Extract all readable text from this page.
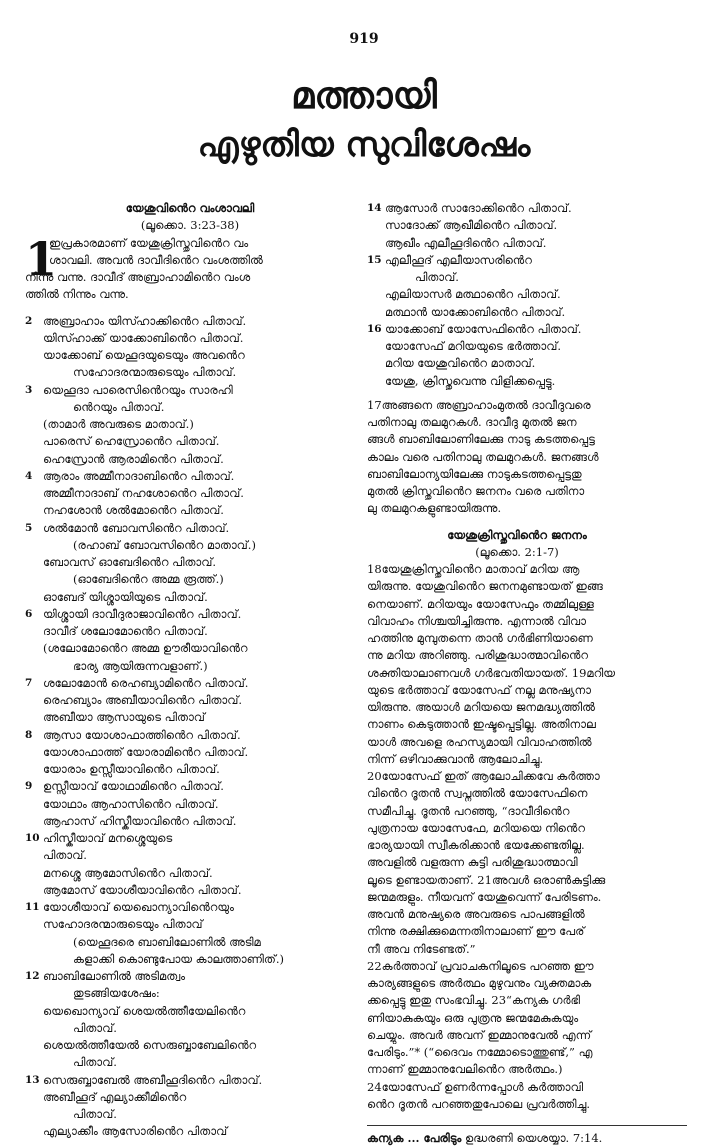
919
മത്തായി
എഴുതിയ സുവിശേഷം
യേശുവിൻെറ വംശാവലി
(ലൂക്കൊ. 3:23-38)
1
ഇപ്രകാരമാണ് യേശുക്രിസ്തുവിൻെറ വം
ശാവലി. അവൻ ദാവീദിൻെറ വംശത്തിൽ
നിന്നു വന്നു. ദാവീദ് അബ്രാഹാമിൻെറ വംശ
ത്തിൽ നിന്നും വന്നു.
2 അബ്രാഹാം യിസ്ഹാക്കിൻെറ പിതാവ്.
യിസ്ഹാക്ക് യാക്കോബിൻെറ പിതാവ്.
യാക്കോബ് യെഹൂദയുടെയും അവൻെറ
സഹോദരന്മാരുടെയും പിതാവ്.
3 യെഹൂദാ പാരെസിൻെറയും സാരഹി
ൻെറയും പിതാവ്.
(താമാർ അവരുടെ മാതാവ്.)
പാരെസ് ഹെസ്രോൻെറ പിതാവ്.
ഹെസ്രോൻ ആരാമിൻെറ പിതാവ്.
4 ആരാം അമ്മീനാദാബിൻെറ പിതാവ്.
അമ്മീനാദാബ് നഹശോൻെറ പിതാവ്.
നഹശോൻ ശൽമോൻെറ പിതാവ്.
5 ശൽമോൻ ബോവസിൻെറ പിതാവ്.
(രഹാബ് ബോവസിൻെറ മാതാവ്.)
ബോവസ് ഓബേദിൻെറ പിതാവ്.
(ഓബേദിൻെറ അമ്മ രൂത്ത്.)
ഓബേദ് യിശ്ശായിയുടെ പിതാവ്.
6 യിശ്ശായി ദാവീദുരാജാവിൻെറ പിതാവ്.
ദാവീദ് ശലോമോൻെറ പിതാവ്.
(ശലോമോൻെറ അമ്മ ഊരീയാവിൻെറ
ഭാര്യ ആയിരുന്നവളാണ്.)
7 ശലോമോൻ രെഹബ്യാമിൻെറ പിതാവ്.
രെഹബ്യാം അബീയാവിൻെറ പിതാവ്.
അബീയാ ആസായുടെ പിതാവ്
8 ആസാ യോശാഫാത്തിൻെറ പിതാവ്.
യോശാഫാത്ത് യോരാമിൻെറ പിതാവ്.
യോരാം ഉസ്സീയാവിൻെറ പിതാവ്.
9 ഉസ്സീയാവ് യോഥാമിൻെറ പിതാവ്.
യോഥാം ആഹാസിൻെറ പിതാവ്.
ആഹാസ് ഹിസ്കീയാവിൻെറ പിതാവ്.
10 ഹിസ്കീയാവ് മനശ്ശെയുടെ
പിതാവ്.
മനശ്ശെ ആമോസിൻെറ പിതാവ്.
ആമോസ് യോശീയാവിൻെറ പിതാവ്.
11 യോശീയാവ് യെഖൊന്യാവിൻെറയും
സഹോദരന്മാരുടെയും പിതാവ്
(യെഹൂദരെ ബാബിലോണിൽ അടിമ
കളാക്കി കൊണ്ടുപോയ കാലത്താണിത്.)
12 ബാബിലോണിൽ അടിമത്വം
തുടങ്ങിയശേഷം:
യെഖൊന്യാവ് ശെയൽത്തീയേലിൻെറ
പിതാവ്.
ശെയൽത്തീയേൽ സെരുബ്ബാബേലിൻെറ
പിതാവ്.
13 സെരുബ്ബാബേൽ അബീഹൂദിൻെറ പിതാവ്.
അബീഹൂദ് എല്യാക്കീമിൻെറ
പിതാവ്.
എല്യാക്കീം ആസോരിൻെറ പിതാവ്
14 ആസോർ സാദോക്കിൻെറ പിതാവ്.
സാദോക്ക് ആഖീമിൻെറ പിതാവ്.
ആഖീം എലീഹൂദിൻെറ പിതാവ്.
15 എലീഹൂദ് എലീയാസരിൻെറ
പിതാവ്.
എലിയാസർ മത്ഥാൻെറ പിതാവ്.
മത്ഥാൻ യാക്കോബിൻെറ പിതാവ്.
16 യാക്കോബ് യോസേഫിൻെറ പിതാവ്.
യോസേഫ് മറിയയുടെ ഭർത്താവ്.
മറിയ യേശുവിൻെറ മാതാവ്.
യേശു, ക്രിസ്തുവെന്നു വിളിക്കപ്പെട്ടു.
17അങ്ങനെ അബ്രാഹാംമുതൽ ദാവീദുവരെ
പതിനാലു തലമുറകൾ. ദാവീദു മുതൽ ജന
ങ്ങൾ ബാബിലോണിലേക്കു നാടു കടത്തപ്പെട്ട
കാലം വരെ പതിനാലു തലമുറകൾ. ജനങ്ങൾ
ബാബിലോന്യയിലേക്കു നാടുകടത്തപ്പെട്ടതു
മുതൽ ക്രിസ്തുവിൻെറ ജനനം വരെ പതിനാ
ലു തലമുറകളുണ്ടായിരുന്നു.
യേശുക്രിസ്തുവിൻെറ ജനനം
(ലൂക്കൊ. 2:1-7)
18യേശുക്രിസ്തുവിൻെറ മാതാവ് മറിയ ആ
യിരുന്നു. യേശുവിൻെറ ജനനമുണ്ടായത് ഇങ്ങ
നെയാണ്. മറിയയും യോസേഫും തമ്മിലുള്ള
വിവാഹം നിശ്ചയിച്ചിരുന്നു. എന്നാൽ വിവാ
ഹത്തിനു മുമ്പുതന്നെ താൻ ഗർഭിണിയാണെ
ന്നു മറിയ അറിഞ്ഞു. പരിശുദ്ധാത്മാവിൻെറ
ശക്തിയാലാണവൾ ഗർഭവതിയായത്. 19മറിയ
യുടെ ഭർത്താവ് യോസേഫ് നല്ല മനുഷ്യനാ
യിരുന്നു. അയാൾ മറിയയെ ജനമദ്ധ്യത്തിൽ
നാണം കെടുത്താൻ ഇഷ്ടപ്പെട്ടില്ല. അതിനാല
യാൾ അവളെ രഹസ്യമായി വിവാഹത്തിൽ
നിന്ന് ഒഴിവാക്കുവാൻ ആലോചിച്ചു.
20യോസേഫ് ഇത് ആലോചിക്കവേ കർത്താ
വിൻെറ ദൂതൻ സ്വപ്നത്തിൽ യോസേഫിനെ
സമീപിച്ചു. ദൂതൻ പറഞ്ഞു, “ദാവീദിൻെറ
പുത്രനായ യോസേഫേ, മറിയയെ നിൻെറ
ഭാര്യയായി സ്വീകരിക്കാൻ ഭയക്കേണ്ടതില്ല.
അവളിൽ വളരുന്ന കുട്ടി പരിശുദ്ധാത്മാവി
ലൂടെ ഉണ്ടായതാണ്. 21അവൾ ഒരാൺകുട്ടിക്കു
ജന്മമരുളും. നീയവന് യേശുവെന്ന് പേരിടണം.
അവൻ മനുഷ്യരെ അവരുടെ പാപങ്ങളിൽ
നിന്നു രക്ഷിക്കുമെന്നതിനാലാണ് ഈ പേര്
നീ അവ നിടേണ്ടത്.”
22കർത്താവ് പ്രവാചകനിലൂടെ പറഞ്ഞ ഈ
കാര്യങ്ങളുടെ അർത്ഥം മുഴുവനും വ്യക്തമാക
ക്കപ്പെട്ടു ഇതു സംഭവിച്ചു. 23“കന്യക ഗർഭി
ണിയാകുകയും ഒരു പുത്രനു ജന്മമേകുകയും
ചെയ്യും. അവർ അവന് ഇമ്മാനുവേൽ എന്ന്
പേരിടും.”* (“ദൈവം നമ്മോടൊത്തുണ്ട്,” എ
ന്നാണ് ഇമ്മാനുവേലിൻെറ അർത്ഥം.)
24യോസേഫ് ഉണർന്നപ്പോൾ കർത്താവി
ൻെറ ദൂതൻ പറഞ്ഞതുപോലെ പ്രവർത്തിച്ചു.
കന്യക ... പേരിടും ഉദ്ധരണി യെശയ്യാ. 7:14.
